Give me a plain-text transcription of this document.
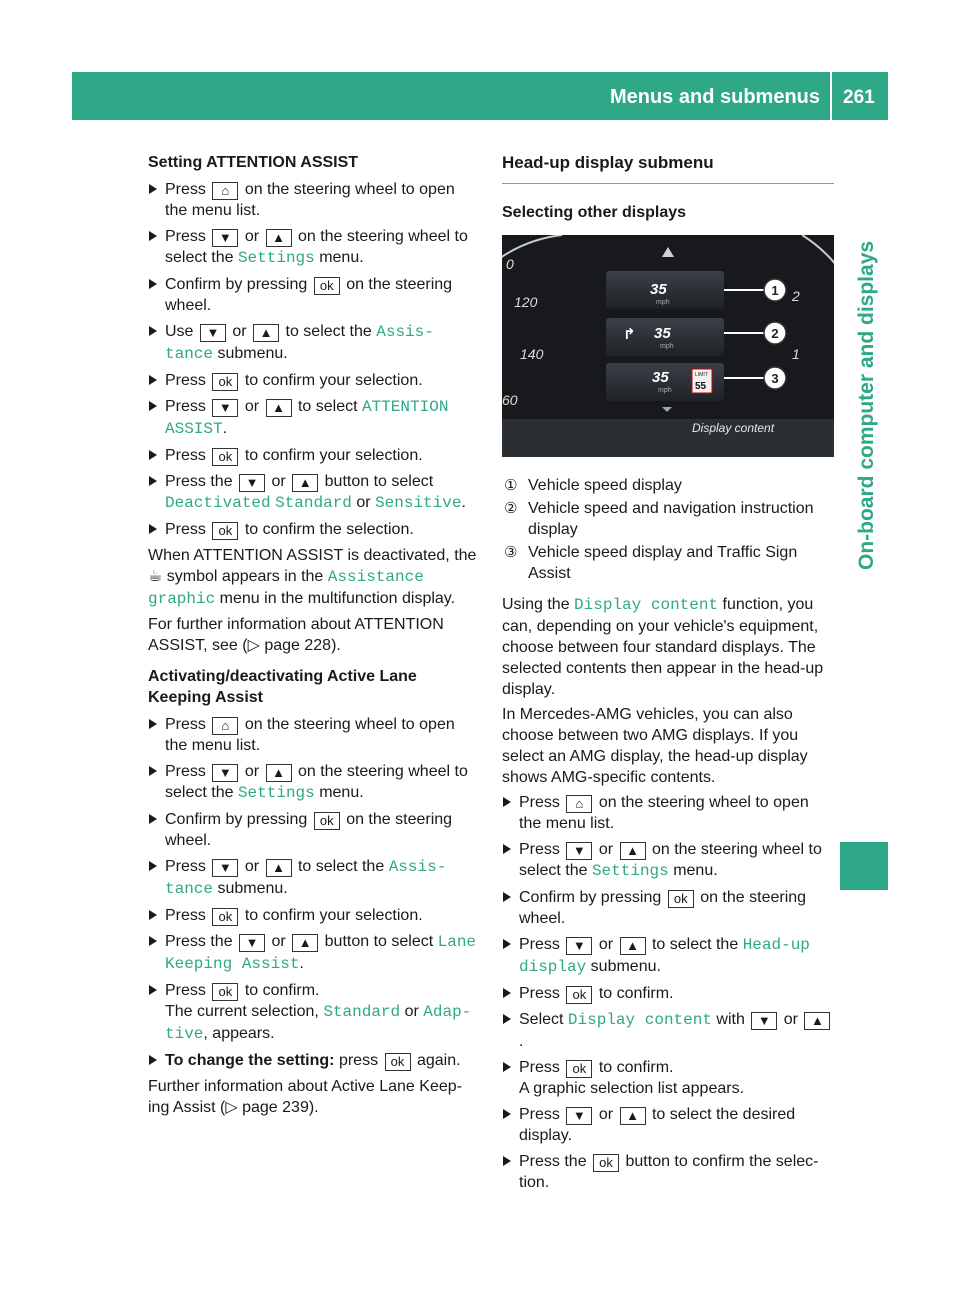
Menus and submenus 261
On-board computer and displays
Setting ATTENTION ASSIST
Press ⌂ on the steering wheel to open the menu list.
Press ▼ or ▲ on the steering wheel to select the Settings menu.
Confirm by pressing ok on the steering wheel.
Use ▼ or ▲ to select the Assis‐tance submenu.
Press ok to confirm your selection.
Press ▼ or ▲ to select ATTENTION ASSIST.
Press ok to confirm your selection.
Press the ▼ or ▲ button to select Deactivated Standard or Sensitive.
Press ok to confirm the selection.

When ATTENTION ASSIST is deactivated, the ☕ symbol appears in the Assistance graphic menu in the multifunction display.

For further information about ATTENTION ASSIST, see (▷ page 228).

Activating/deactivating Active Lane Keeping Assist
Press ⌂ on the steering wheel to open the menu list.
Press ▼ or ▲ on the steering wheel to select the Settings menu.
Confirm by pressing ok on the steering wheel.
Press ▼ or ▲ to select the Assis‐tance submenu.
Press ok to confirm your selection.
Press the ▼ or ▲ button to select Lane Keeping Assist.
Press ok to confirm.
The current selection, Standard or Adap‐tive, appears.
To change the setting: press ok again.

Further information about Active Lane Keep-ing Assist (▷ page 239).

Head-up display submenu
Selecting other displays
0
120
140
60
2
1
35
mph
↱ 35
mph
35
mph
LIMIT
55
1
2
3
Display content
① Vehicle speed display
② Vehicle speed and navigation instruction display
③ Vehicle speed display and Traffic Sign Assist

Using the Display content function, you can, depending on your vehicle's equipment, choose between four standard displays. The selected contents then appear in the head-up display.

In Mercedes-AMG vehicles, you can also choose between two AMG displays. If you select an AMG display, the head-up display shows AMG-specific contents.

Press ⌂ on the steering wheel to open the menu list.
Press ▼ or ▲ on the steering wheel to select the Settings menu.
Confirm by pressing ok on the steering wheel.
Press ▼ or ▲ to select the Head-up display submenu.
Press ok to confirm.
Select Display content with ▼ or ▲.
Press ok to confirm.
A graphic selection list appears.
Press ▼ or ▲ to select the desired display.
Press the ok button to confirm the selec-tion.
